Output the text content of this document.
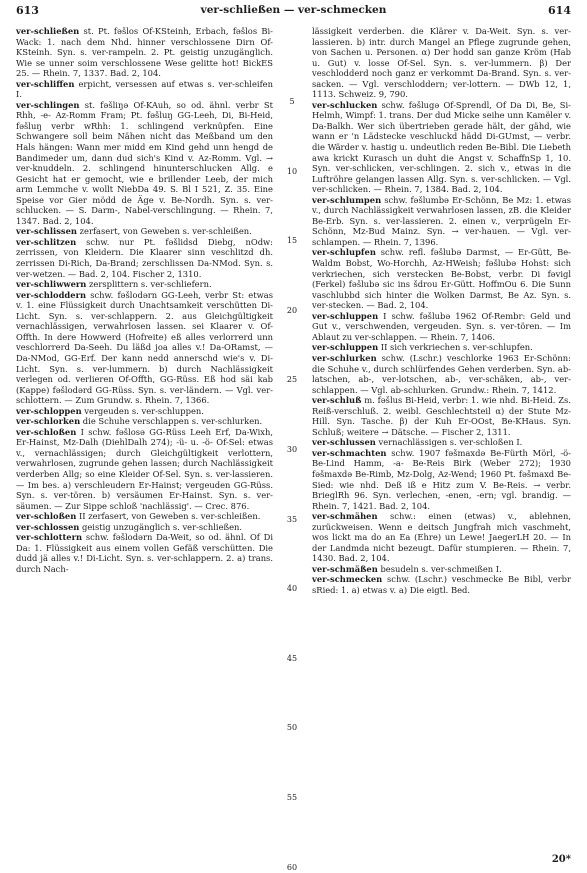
613	ver-schließen — ver-schmecken	614

ver-schließen st. Pt. fəšlos Of-KSteinh, Erbach, fəšlos Bi-Wack: 1. nach dem Nhd. hinner verschlossene Dirn Of-KSteinh. Syn. s. ver-rampeln. 2. Pt. geistig unzugänglich. Wie se unner soim verschlossene Wese gelitte hot! BickES 25. — Rhein. 7, 1337. Bad. 2, 104.

ver-schliffen erpicht, versessen auf etwas s. ver-schleifen I.

ver-schlingen st. fəšliŋə Of-KAuh, so od. ähnl. verbr St Rhh, -e- Az-Romm Fram; Pt. fəšluŋ GG-Leeh, Di, Bi-Heid, fəšluŋ verbr wRhh: 1. schlingend verknüpfen. Eine Schwangere soll beim Nähen nicht das Meßband um den Hals hängen: Wann mer midd em Kind gehd unn hengd de Bandimeder um, dann dud sich's Kind v. Az-Romm. Vgl. → ver-knuddeln. 2. schlingend hinunterschlucken Allg. e Gesicht hat er gemocht, wie e brillender Leeb, der mich arm Lemmche v. wollt NiebDa 49. S. Bl I 521, Z. 35. Eine Speise vor Gier mödd de Äge v. Be-Nordh. Syn. s. ver-schlucken. — S. Darm-, Nabel-verschlingung. — Rhein. 7, 1347. Bad. 2, 104.

ver-schlissen zerfasert, von Geweben s. ver-schleißen.

ver-schlitzen schw. nur Pt. fəšlidsd Diebg, nOdw: zerrissen, von Kleidern. Die Klaarer sinn veschlitzd dh. zerrissen Di-Rich, Da-Brand; zerschlissen Da-NMod. Syn. s. ver-wetzen. — Bad. 2, 104. Fischer 2, 1310.

ver-schliwwern zersplittern s. ver-schliefern.

ver-schloddern schw. fəšlodərn GG-Leeh, verbr St: etwas v. 1. eine Flüssigkeit durch Unachtsamkeit verschütten Di-Licht. Syn. s. ver-schlappern. 2. aus Gleichgültigkeit vernachlässigen, verwahrlosen lassen. sei Klaarer v. Of-Offth. In dere Howwerd (Hofreite) eß alles verlorrerd unn veschlorrerd Da-Seeh. Du läßd joa alles v.! Da-ORamst, — Da-NMod, GG-Erf. Der kann nedd annerschd wie's v. Di-Licht. Syn. s. ver-lummern. b) durch Nachlässigkeit verlegen od. verlieren Of-Offth, GG-Rüss. Eß hod säi kab (Kappe) fəšlodərd GG-Rüss. Syn. s. ver-ländern. — Vgl. ver-schlottern. — Zum Grundw. s. Rhein. 7, 1366.

ver-schloppen vergeuden s. ver-schluppen.

ver-schlorken die Schuhe verschlappen s. ver-schlurken.

ver-schloßen I schw. fəšlosə GG-Rüss Leeh Erf, Da-Wixh, Er-Hainst, Mz-Dalh (DiehlDalh 274); -ü- u. -ö- Of-Sel: etwas v., vernachlässigen; durch Gleichgültigkeit verlottern, verwahrlosen, zugrunde gehen lassen; durch Nachlässigkeit verderben Allg; so eine Kleider Of-Sel. Syn. s. ver-lassieren. — Im bes. a) verschleudern Er-Hainst; vergeuden GG-Rüss. Syn. s. ver-tören. b) versäumen Er-Hainst. Syn. s. ver-säumen. — Zur Sippe schloß 'nachlässig'. — Crec. 876.

ver-schloßen II zerfasert, von Geweben s. ver-schleißen.

ver-schlossen geistig unzugänglich s. ver-schließen.

ver-schlottern schw. fəšlodərn Da-Weit, so od. ähnl. Of Di Da: 1. Flüssigkeit aus einem vollen Gefäß verschütten. Die dudd jä alles v.! Di-Licht. Syn. s. ver-schlappern. 2. a) trans. durch Nach-

5
10
15
20
25
30
35
40
45
50
55
60

lässigkeit verderben. die Klärer v. Da-Weit. Syn. s. ver-lassieren. b) intr. durch Mangel an Pflege zugrunde gehen, von Sachen u. Personen. α) Der hodd san ganze Kröm (Hab u. Gut) v. losse Of-Sel. Syn. s. ver-lummern. β) Der veschlodderd noch ganz er verkommt Da-Brand. Syn. s. ver-sacken. — Vgl. verschloddern; ver-lottern. — DWb 12, 1, 1113. Schweiz. 9, 790.

ver-schlucken schw. fəšlugə Of-Sprendl, Of Da Di, Be, Si-Helmh, Wimpf: 1. trans. Der dud Micke seihe unn Kamëler v. Da-Balkh. Wer sich übertrieben gerade hält, der gähd, wie wann er 'n Lädstecke veschluckd hädd Di-GUmst, — verbr. die Wärder v. hastig u. undeutlich reden Be-Bibl. Die Liebeth awa krickt Kurasch un duht die Angst v. SchaffnSp 1, 10. Syn. ver-schlicken, ver-schlingen. 2. sich v., etwas in die Luftröhre gelangen lassen Allg. Syn. s. ver-schlicken. — Vgl. ver-schlicken. — Rhein. 7, 1384. Bad. 2, 104.

ver-schlumpen schw. fəšlumbə Er-Schönn, Be Mz: 1. etwas v., durch Nachlässigkeit verwahrlosen lassen, zB. die Kleider Be-Erb. Syn. s. ver-lassieren. 2. einen v., verprügeln Er-Schönn, Mz-Bud Mainz. Syn. → ver-hauen. — Vgl. ver-schlampen. — Rhein. 7, 1396.

ver-schlupfen schw. refl. fəšlubə Darmst, — Er-Gütt, Be-Waldm Bobst, Wo-Horchh, Az-HWeish; fəšlubə Hohst: sich verkriechen, sich verstecken Be-Bobst, verbr. Di fəvigl (Ferkel) fəšlubə sic ins šdrou Er-Gütt. HoffmOu 6. Die Sunn vaschlubbd sich hinter die Wolken Darmst, Be Az. Syn. s. ver-stecken. — Bad. 2, 104.

ver-schluppen I schw. fəšlubə 1962 Of-Rembr: Geld und Gut v., verschwenden, vergeuden. Syn. s. ver-tören. — Im Ablaut zu ver-schlappen. — Rhein. 7, 1406.

ver-schluppen II sich verkriechen s. ver-schlupfen.

ver-schlurken schw. (Lschr.) veschlorke 1963 Er-Schönn: die Schuhe v., durch schlürfendes Gehen verderben. Syn. ab-latschen, ab-, ver-lotschen, ab-, ver-schäken, ab-, ver-schlappen. — Vgl. ab-schlurken. Grundw.: Rhein. 7, 1412.

ver-schluß m. fəšlus Bi-Heid, verbr: 1. wie nhd. Bi-Heid. Zs. Reiß-verschluß. 2. weibl. Geschlechtsteil α) der Stute Mz-Hill. Syn. Tasche. β) der Kuh Er-OOst, Be-KHaus. Syn. Schluß; weitere → Dätsche. — Fischer 2, 1311.

ver-schlussen vernachlässigen s. ver-schloßen I.

ver-schmachten schw. 1907 fəšmaxdə Be-Fürth Mörl, -ö- Be-Lind Hamm, -a- Be-Reis Birk (Weber 272); 1930 fəšmaxdə Be-Rimb, Mz-Dolg, Az-Wend; 1960 Pt. fəšmaxd Be-Sied: wie nhd. Deß iß e Hitz zum V. Be-Reis. → verbr. BrieglRh 96. Syn. verlechen, -enen, -ern; vgl. brandig. — Rhein. 7, 1421. Bad. 2, 104.

ver-schmähen schw.: einen (etwas) v., ablehnen, zurückweisen. Wenn e deitsch Jungfrah mich vaschmeht, wos lickt ma do an Ea (Ehre) un Lewe! JaegerLH 20. — In der Landmda nicht bezeugt. Dafür stumpieren. — Rhein. 7, 1430. Bad. 2, 104.

ver-schmäßen besudeln s. ver-schmeißen I.

ver-schmecken schw. (Lschr.) veschmecke Be Bibl, verbr sRied: 1. a) etwas v. a) Die eigtl. Bed.

20*
